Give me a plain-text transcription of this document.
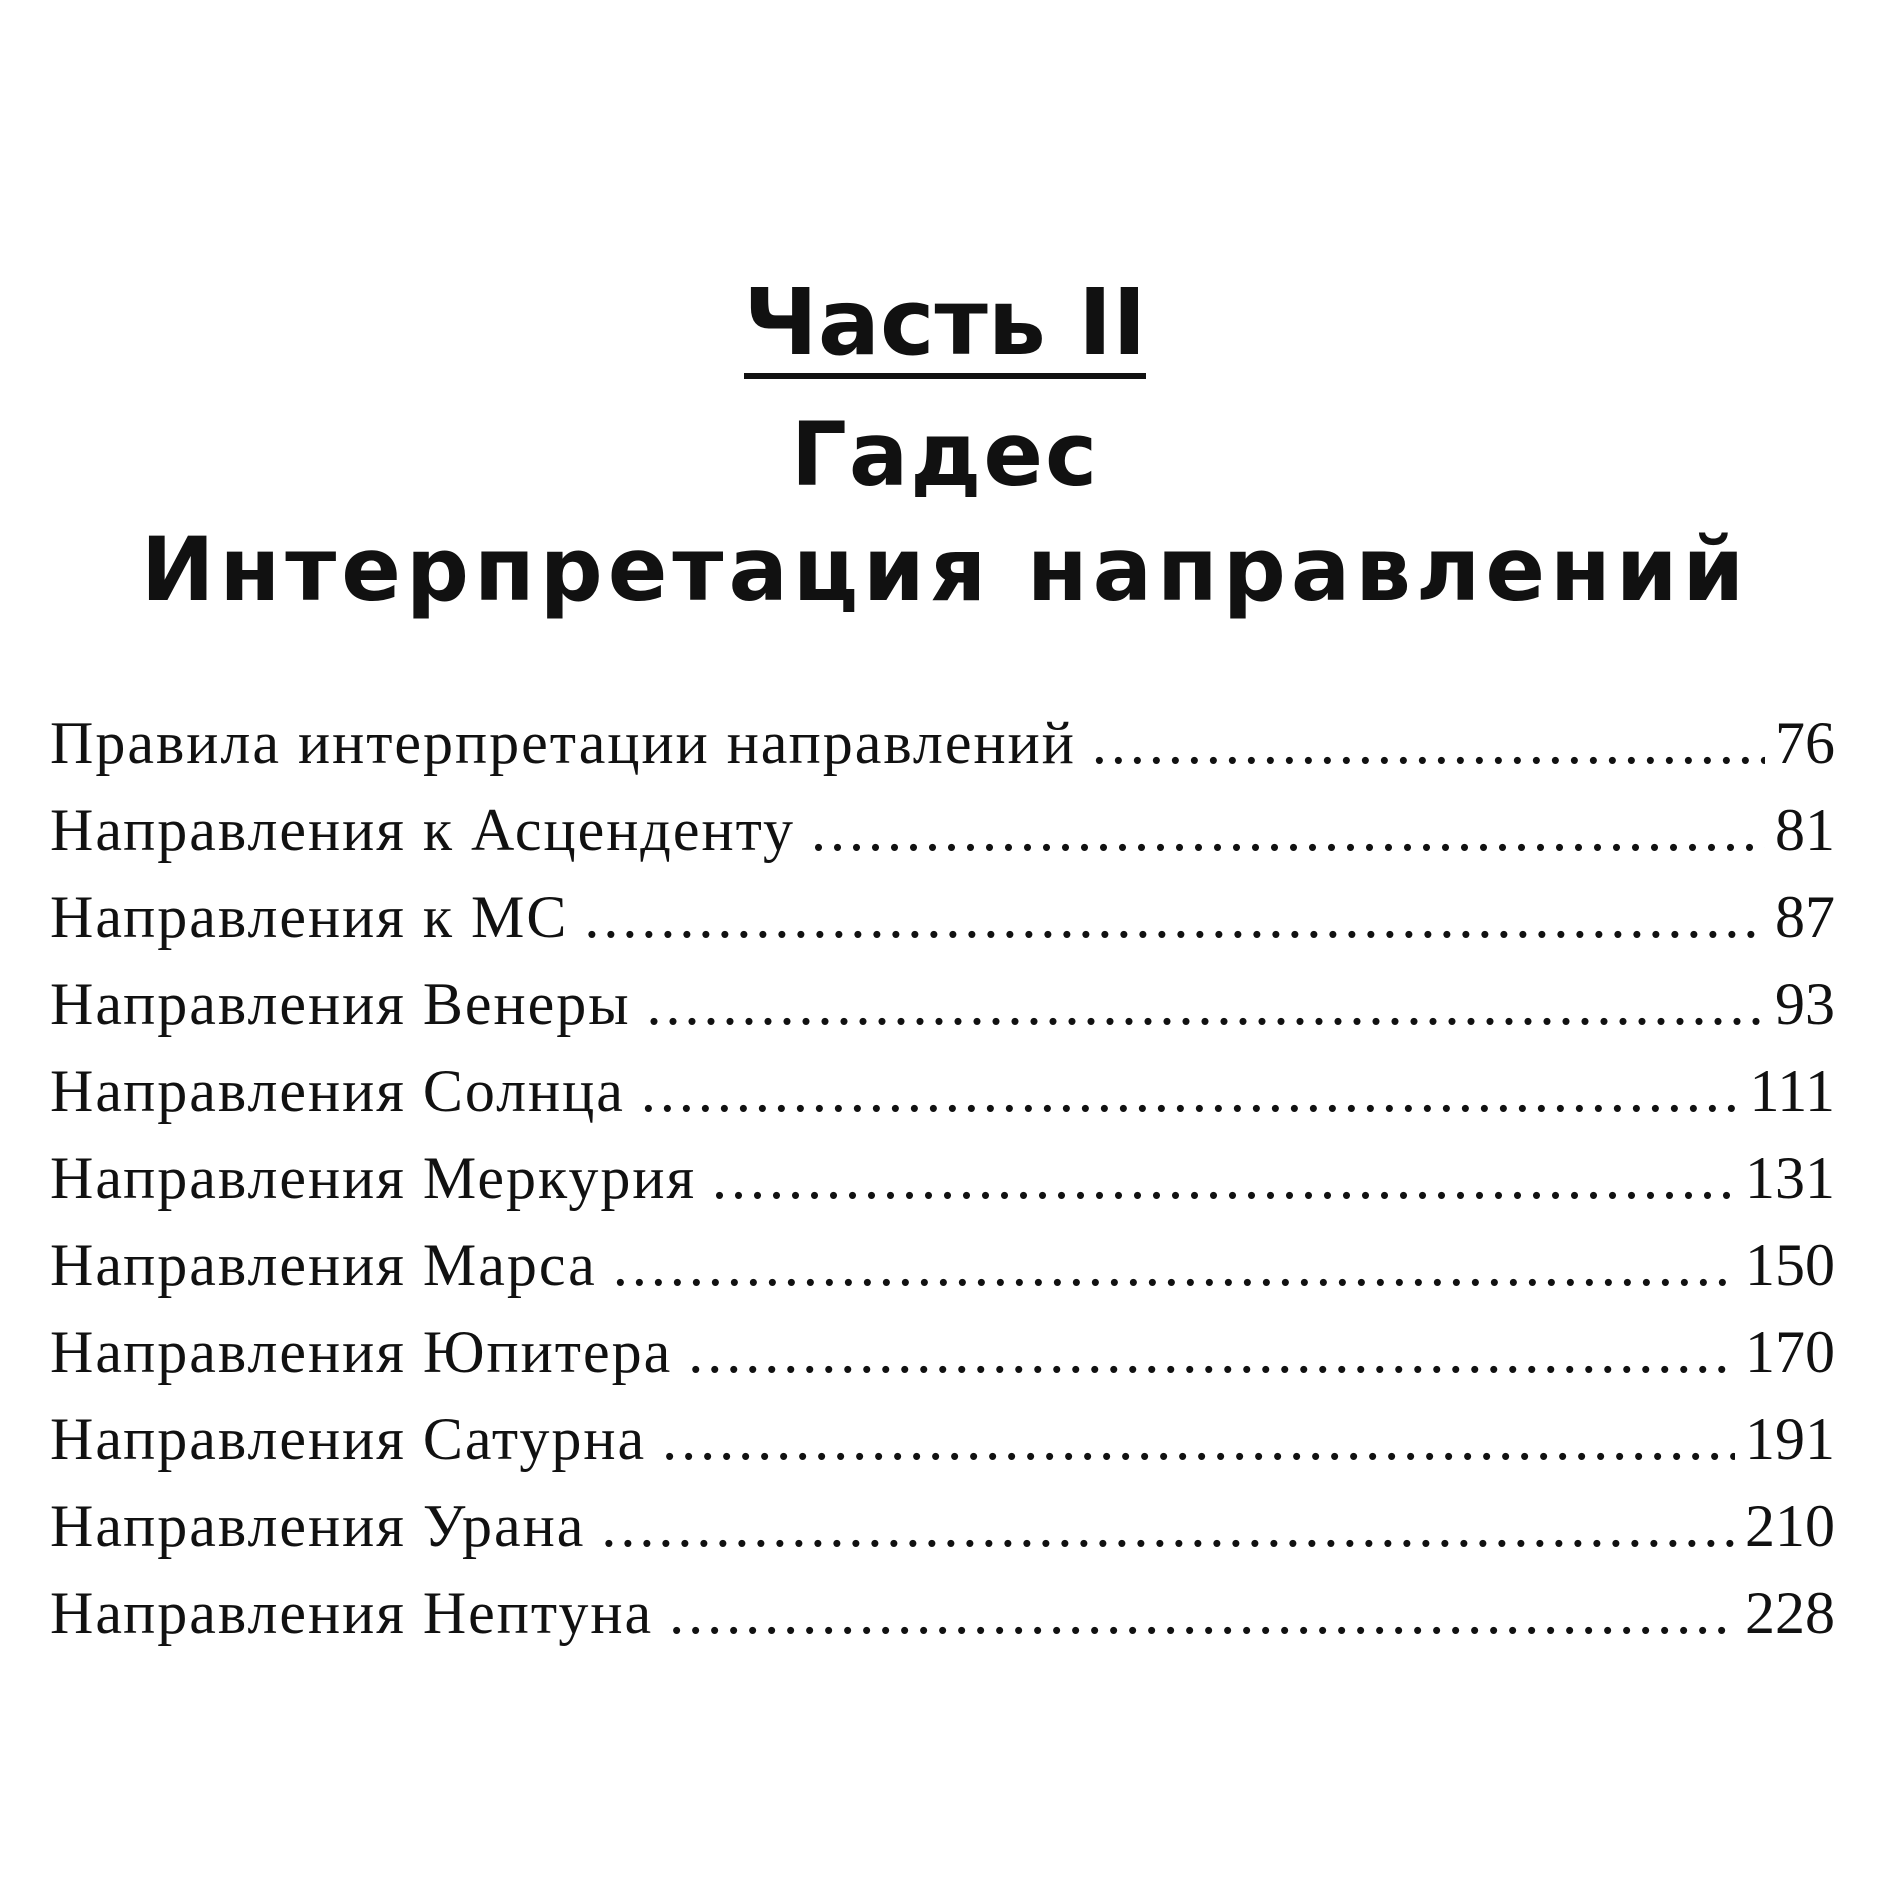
Часть II
Гадес
Интерпретация направлений
Правила интерпретации направлений .....	76
Направления к Асценденту .....	81
Направления к МС .....	87
Направления Венеры .....	93
Направления Солнца .....	111
Направления Меркурия .....	131
Направления Марса .....	150
Направления Юпитера .....	170
Направления Сатурна .....	191
Направления Урана .....	210
Направления Нептуна .....	228
